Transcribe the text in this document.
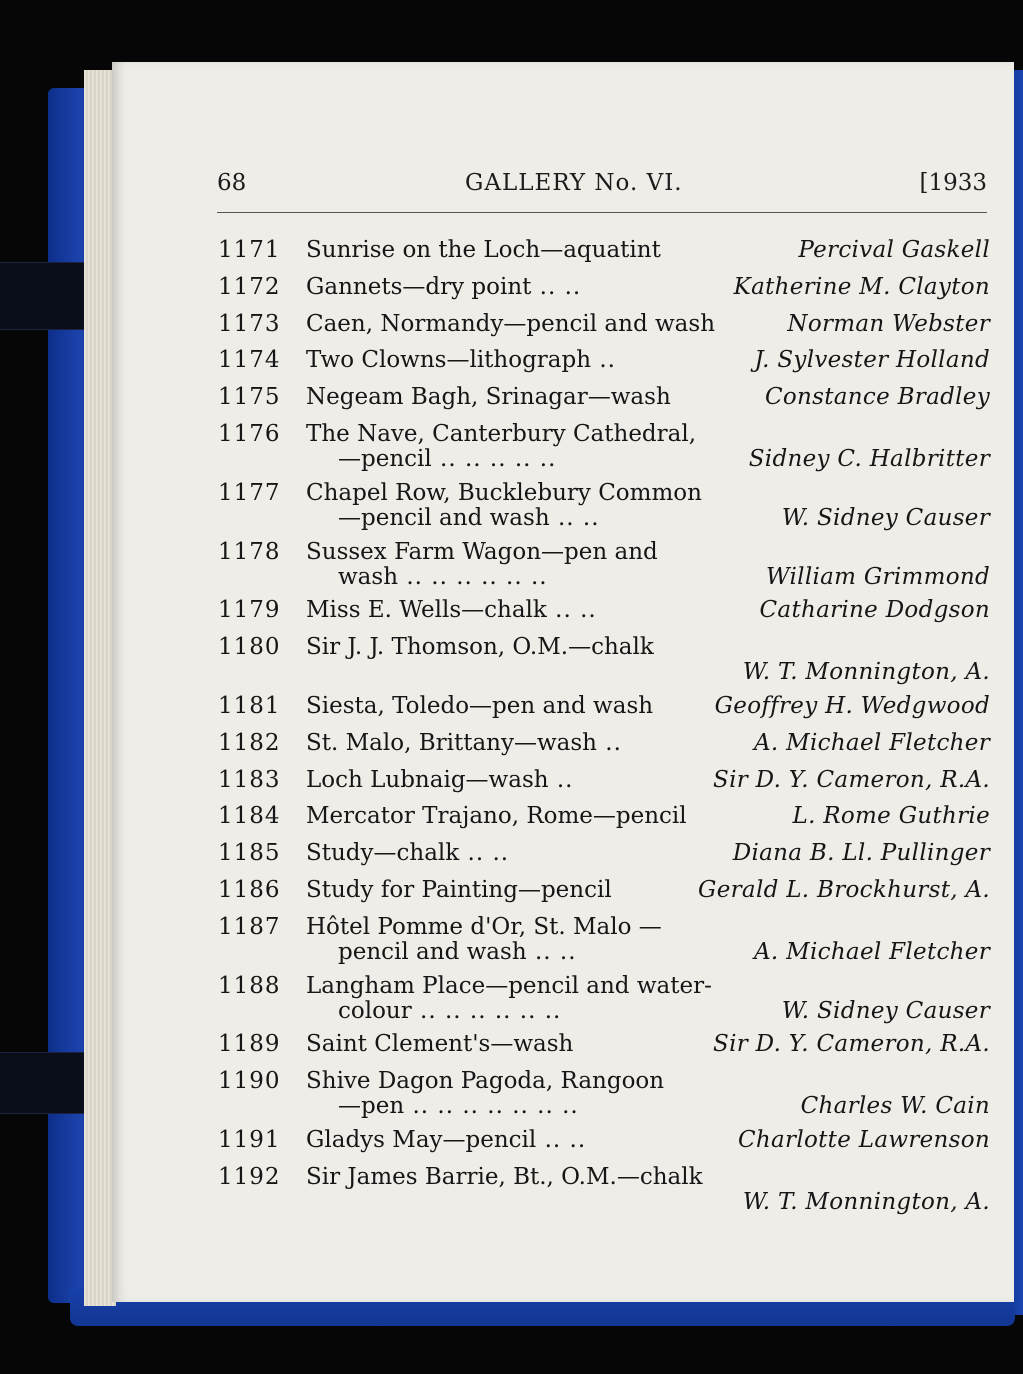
68	GALLERY No. VI.	[1933
1171	Sunrise on the Loch—aquatint	Percival Gaskell
1172	Gannets—dry point .. ..	Katherine M. Clayton
1173	Caen, Normandy—pencil and wash	Norman Webster
1174	Two Clowns—lithograph ..	J. Sylvester Holland
1175	Negeam Bagh, Srinagar—wash	Constance Bradley
1176	The Nave, Canterbury Cathedral,
—pencil .. .. .. .. ..	Sidney C. Halbritter
1177	Chapel Row, Bucklebury Common
—pencil and wash .. ..	W. Sidney Causer
1178	Sussex Farm Wagon—pen and
wash .. .. .. .. .. ..	William Grimmond
1179	Miss E. Wells—chalk .. ..	Catharine Dodgson
1180	Sir J. J. Thomson, O.M.—chalk
W. T. Monnington, A.
1181	Siesta, Toledo—pen and wash	Geoffrey H. Wedgwood
1182	St. Malo, Brittany—wash ..	A. Michael Fletcher
1183	Loch Lubnaig—wash ..	Sir D. Y. Cameron, R.A.
1184	Mercator Trajano, Rome—pencil	L. Rome Guthrie
1185	Study—chalk .. ..	Diana B. Ll. Pullinger
1186	Study for Painting—pencil	Gerald L. Brockhurst, A.
1187	Hôtel Pomme d'Or, St. Malo —
pencil and wash .. ..	A. Michael Fletcher
1188	Langham Place—pencil and water-
colour .. .. .. .. .. ..	W. Sidney Causer
1189	Saint Clement's—wash	Sir D. Y. Cameron, R.A.
1190	Shive Dagon Pagoda, Rangoon
—pen .. .. .. .. .. .. ..	Charles W. Cain
1191	Gladys May—pencil .. ..	Charlotte Lawrenson
1192	Sir James Barrie, Bt., O.M.—chalk
W. T. Monnington, A.
